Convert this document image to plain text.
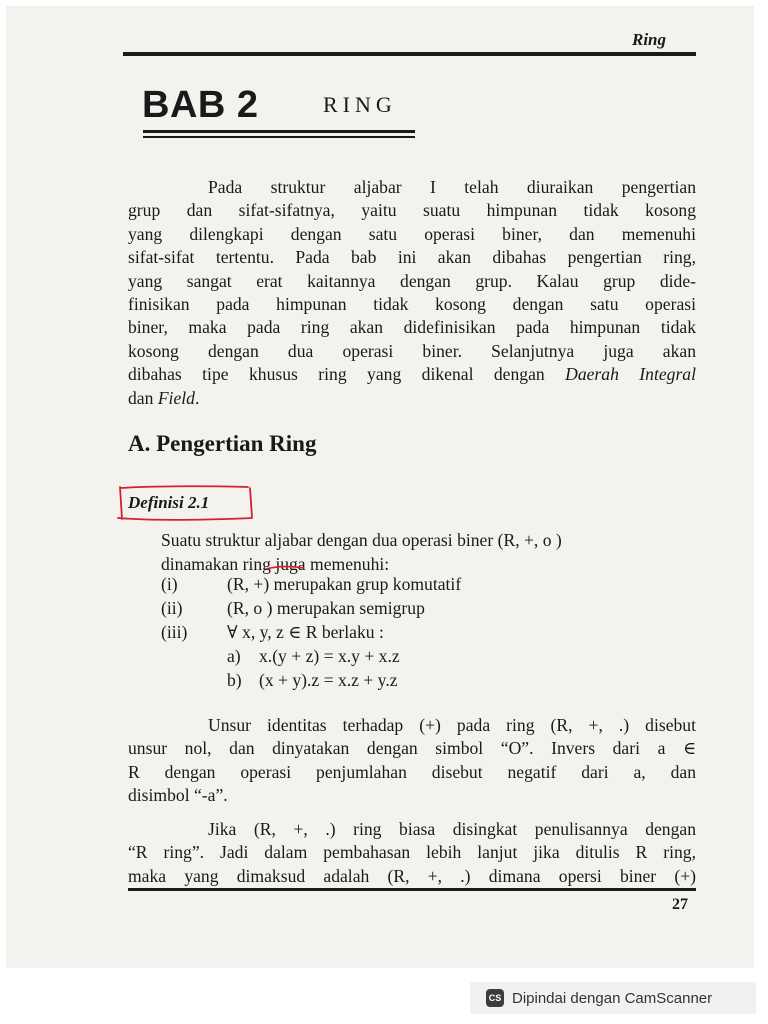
Ring
BAB 2	RING

Pada struktur aljabar I telah diuraikan pengertian
grup dan sifat-sifatnya, yaitu suatu himpunan tidak kosong
yang dilengkapi dengan satu operasi biner, dan memenuhi
sifat-sifat tertentu. Pada bab ini akan dibahas pengertian ring,
yang sangat erat kaitannya dengan grup. Kalau grup dide-
finisikan pada himpunan tidak kosong dengan satu operasi
biner, maka pada ring akan didefinisikan pada himpunan tidak
kosong dengan dua operasi biner. Selanjutnya juga akan
dibahas tipe khusus ring yang dikenal dengan Daerah Integral
dan Field.

A. Pengertian Ring
Definisi 2.1
Suatu struktur aljabar dengan dua operasi biner (R, +, o )
dinamakan ring juga memenuhi:
(i)	(R, +) merupakan grup komutatif
(ii)	(R, o ) merupakan semigrup
(iii) ∀ x, y, z ∈ R berlaku :
a) x.(y + z) = x.y + x.z
b) (x + y).z = x.z + y.z

Unsur identitas terhadap (+) pada ring (R, +, .) disebut
unsur nol, dan dinyatakan dengan simbol “O”. Invers dari a ∈
R dengan operasi penjumlahan disebut negatif dari a, dan
disimbol “-a”.

Jika (R, +, .) ring biasa disingkat penulisannya dengan
“R ring”. Jadi dalam pembahasan lebih lanjut jika ditulis R ring,
maka yang dimaksud adalah (R, +, .) dimana opersi biner (+)

27
CS Dipindai dengan CamScanner
